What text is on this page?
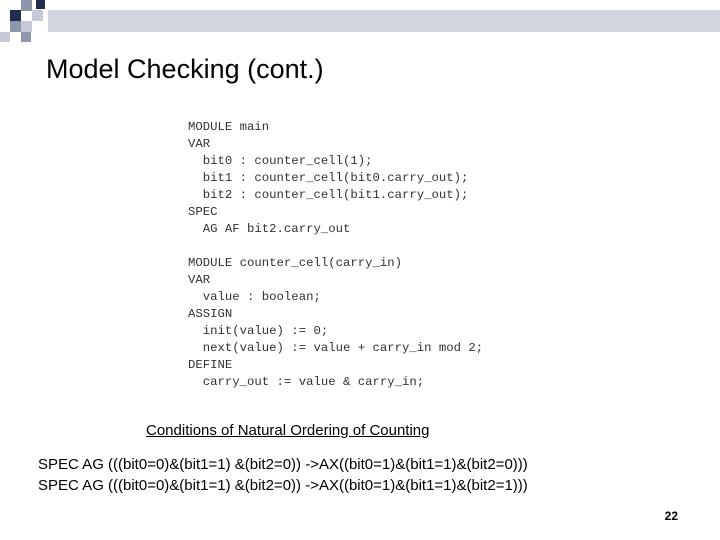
Model Checking (cont.)
MODULE main
VAR
bit0 : counter_cell(1);
bit1 : counter_cell(bit0.carry_out);
bit2 : counter_cell(bit1.carry_out);
SPEC
AG AF bit2.carry_out
MODULE counter_cell(carry_in)
VAR
value : boolean;
ASSIGN
init(value) := 0;
next(value) := value + carry_in mod 2;
DEFINE
carry_out := value & carry_in;
Conditions of Natural Ordering of Counting
SPEC AG (((bit0=0)&(bit1=1) &(bit2=0)) ->AX((bit0=1)&(bit1=1)&(bit2=0)))
SPEC AG (((bit0=0)&(bit1=1) &(bit2=0)) ->AX((bit0=1)&(bit1=1)&(bit2=1)))
22
